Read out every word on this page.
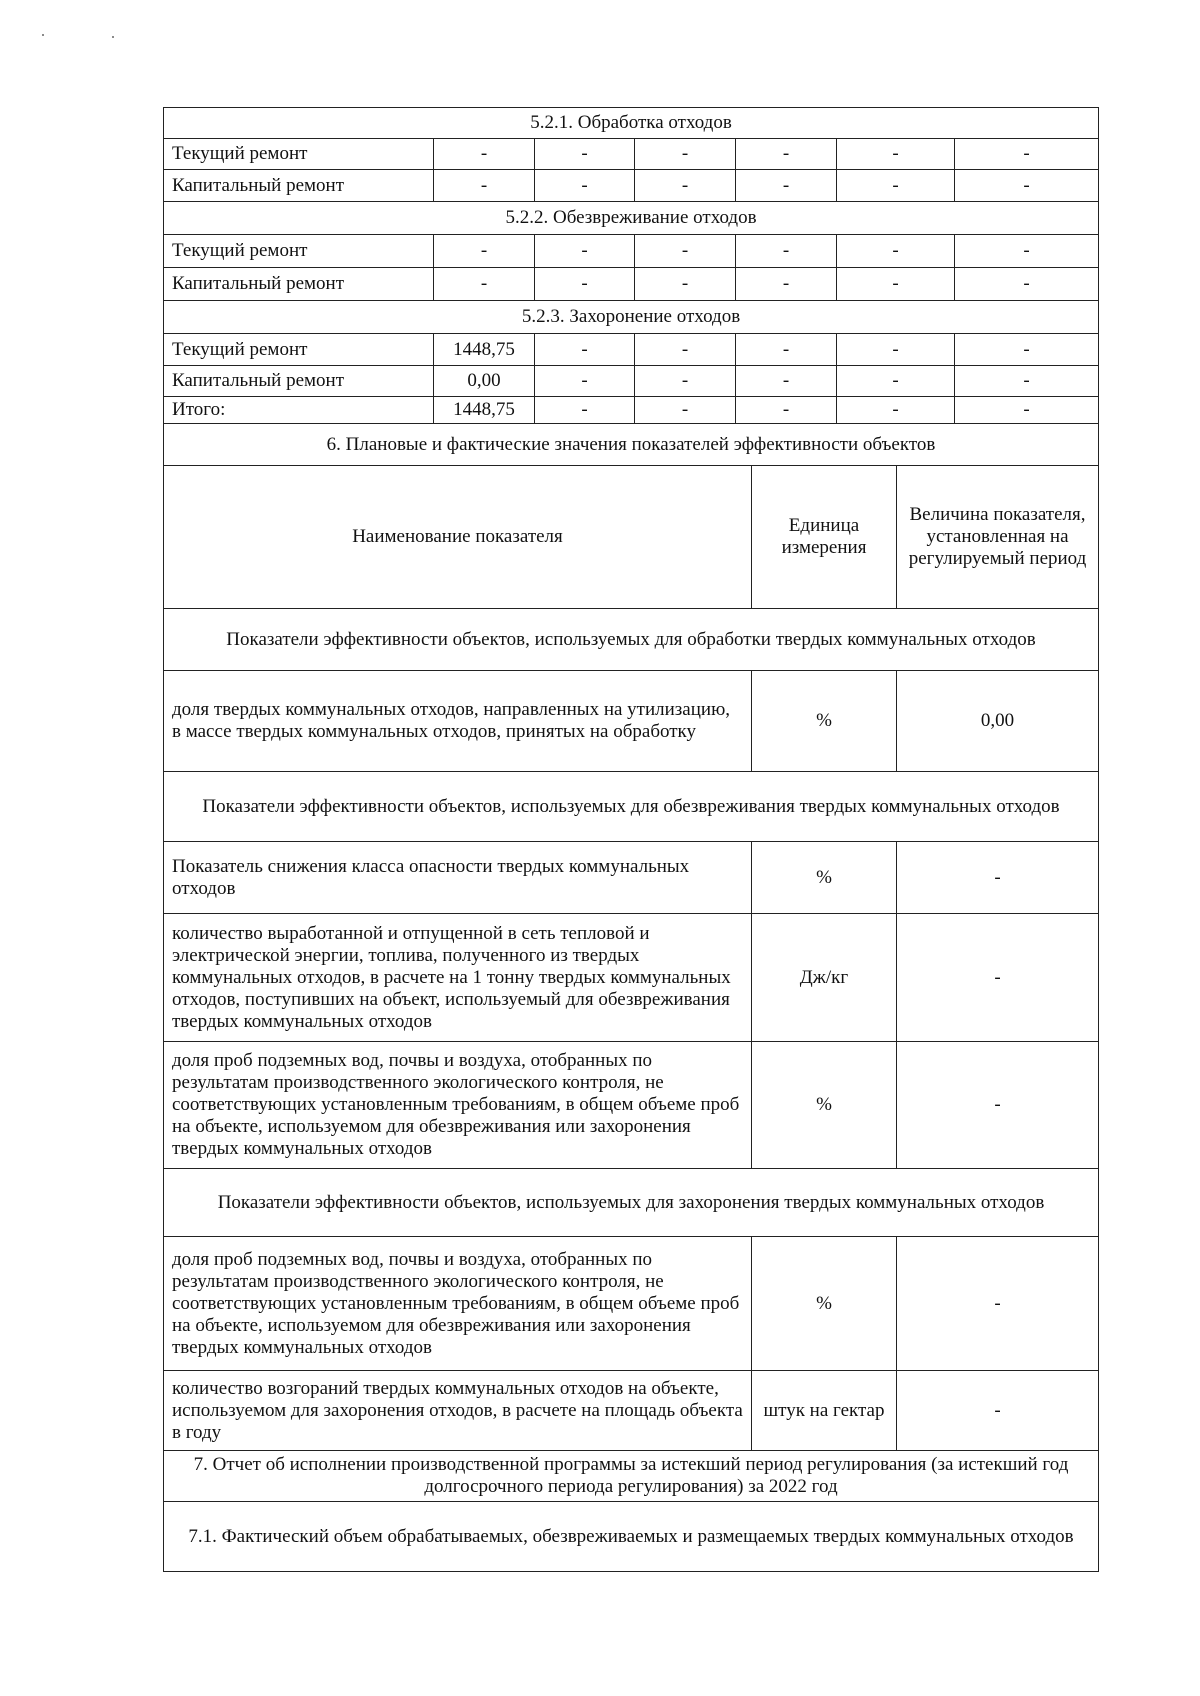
5.2.1. Обработка отходов						
Текущий ремонт	-	-	-	-	-	-
Капитальный ремонт	-	-	-	-	-	-
5.2.2. Обезвреживание отходов						
Текущий ремонт	-	-	-	-	-	-
Капитальный ремонт	-	-	-	-	-	-
5.2.3. Захоронение отходов						
Текущий ремонт	1448,75	-	-	-	-	-
Капитальный ремонт	0,00	-	-	-	-	-
Итого:	1448,75	-	-	-	-	-
6. Плановые и фактические значения показателей эффективности объектов		
Наименование показателя	Единица измерения	Величина показателя, установленная на регулируемый период
Показатели эффективности объектов, используемых для обработки твердых коммунальных отходов		
доля твердых коммунальных отходов, направленных на утилизацию, в массе твердых коммунальных отходов, принятых на обработку	%	0,00
Показатели эффективности объектов, используемых для обезвреживания твердых коммунальных отходов		
Показатель снижения класса опасности твердых коммунальных отходов	%	-
количество выработанной и отпущенной в сеть тепловой и электрической энергии, топлива, полученного из твердых коммунальных отходов, в расчете на 1 тонну твердых коммунальных отходов, поступивших на объект, используемый для обезвреживания твердых коммунальных отходов	Дж/кг	-
доля проб подземных вод, почвы и воздуха, отобранных по результатам производственного экологического контроля, не соответствующих установленным требованиям, в общем объеме проб на объекте, используемом для обезвреживания или захоронения твердых коммунальных отходов	%	-
Показатели эффективности объектов, используемых для захоронения твердых коммунальных отходов		
доля проб подземных вод, почвы и воздуха, отобранных по результатам производственного экологического контроля, не соответствующих установленным требованиям, в общем объеме проб на объекте, используемом для обезвреживания или захоронения твердых коммунальных отходов	%	-
количество возгораний твердых коммунальных отходов на объекте, используемом для захоронения отходов, в расчете на площадь объекта в году	штук на гектар	-
7. Отчет об исполнении производственной программы за истекший период регулирования (за истекший год долгосрочного периода регулирования) за 2022 год		
7.1. Фактический объем обрабатываемых, обезвреживаемых и размещаемых твердых коммунальных отходов		
